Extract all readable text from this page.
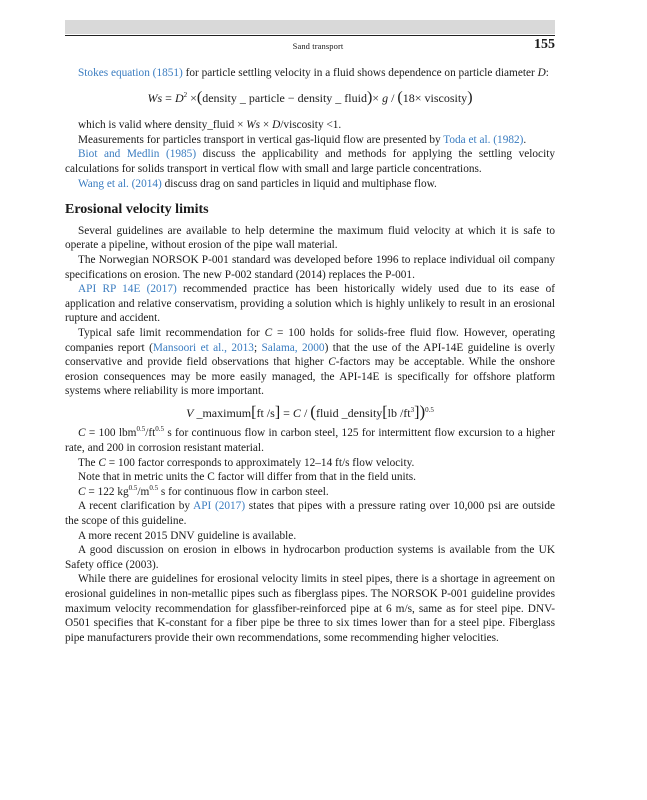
Sand transport	155

Stokes equation (1851) for particle settling velocity in a fluid shows dependence on particle diameter D:

$Ws = D^2$ ×(density _ particle − density _ fluid)× g / (18× viscosity)

which is valid where density_fluid × Ws × D/viscosity <1.

Measurements for particles transport in vertical gas-liquid flow are presented by Toda et al. (1982).

Biot and Medlin (1985) discuss the applicability and methods for applying the settling velocity calculations for solids transport in vertical flow with small and large particle concentrations.

Wang et al. (2014) discuss drag on sand particles in liquid and multiphase flow.

Erosional velocity limits

Several guidelines are available to help determine the maximum fluid velocity at which it is safe to operate a pipeline, without erosion of the pipe wall material.

The Norwegian NORSOK P-001 standard was developed before 1996 to replace individual oil company specifications on erosion. The new P-002 standard (2014) replaces the P-001.

API RP 14E (2017) recommended practice has been historically widely used due to its ease of application and relative conservatism, providing a solution which is highly unlikely to result in an erosional rupture and accident.

Typical safe limit recommendation for C = 100 holds for solids-free fluid flow. However, operating companies report (Mansoori et al., 2013; Salama, 2000) that the use of the API-14E guideline is overly conservative and provide field observations that higher C-factors may be acceptable. While the onshore erosion consequences may be more easily managed, the API-14E is specifically for offshore platform systems where reliability is more important.

V _maximum[ft /s] = C / (fluid _density[lb $/ft^3])^{0.5}$

C = 100 $lbm^{0.5}/ft^{0.5}$ s for continuous flow in carbon steel, 125 for intermittent flow excursion to a higher rate, and 200 in corrosion resistant material.

The C = 100 factor corresponds to approximately 12–14 ft/s flow velocity.

Note that in metric units the C factor will differ from that in the field units.

C = 122 $kg^{0.5}/m^{0.5}$ s for continuous flow in carbon steel.

A recent clarification by API (2017) states that pipes with a pressure rating over 10,000 psi are outside the scope of this guideline.

A more recent 2015 DNV guideline is available.

A good discussion on erosion in elbows in hydrocarbon production systems is available from the UK Safety office (2003).

While there are guidelines for erosional velocity limits in steel pipes, there is a shortage in agreement on erosional guidelines in non-metallic pipes such as fiberglass pipes. The NORSOK P-001 guideline provides maximum velocity recommendation for glassfiber-reinforced pipe at 6 m/s, same as for steel pipe. DNV-O501 specifies that K-constant for a fiber pipe be three to six times lower than for a steel pipe. Fiberglass pipe manufacturers provide their own recommendations, some recommending higher velocities.
